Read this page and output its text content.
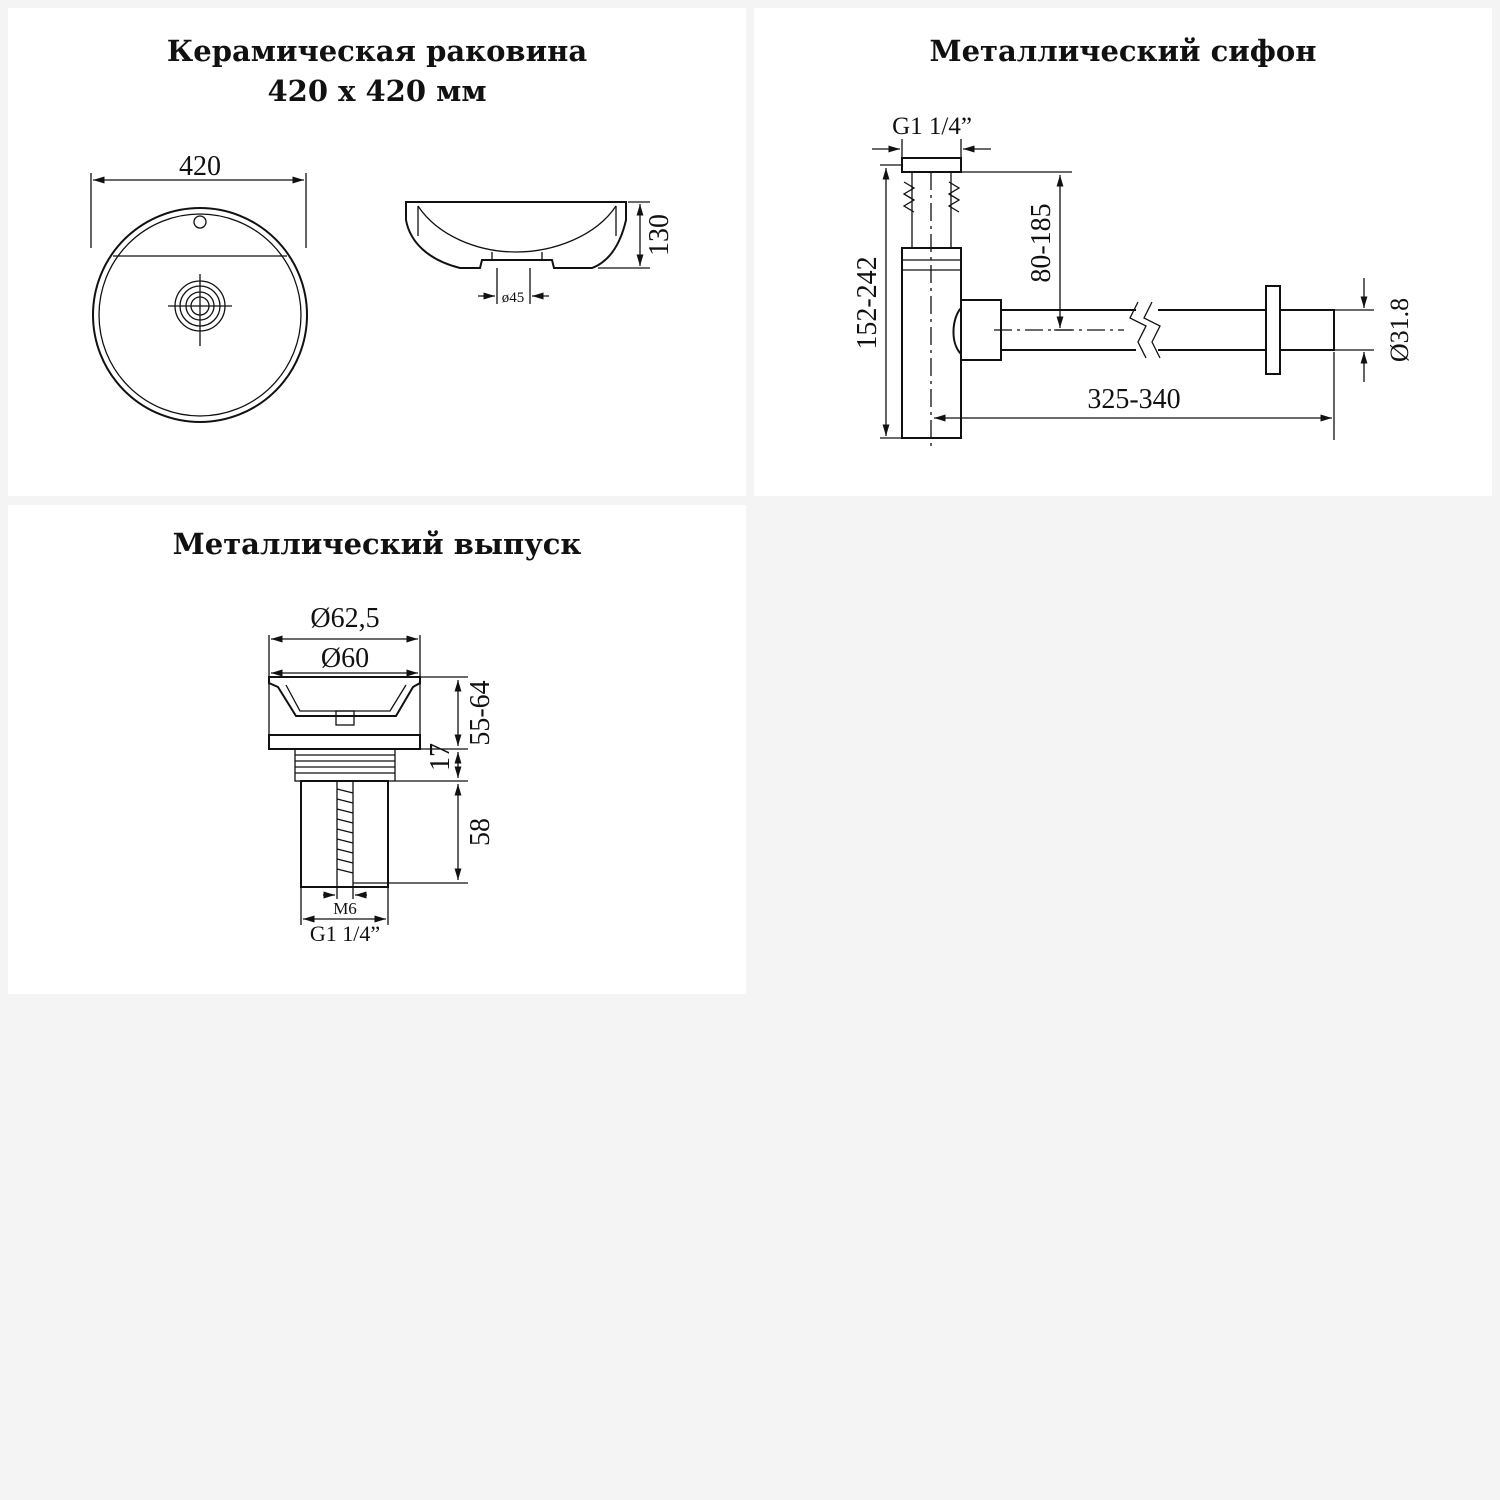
Керамическая раковина
420 x 420 мм
420
130
ø45
Металлический сифон
G1 1/4”
Ø31.8
152-242
80-185
325-340
Металлический выпуск
Ø62,5
Ø60
M6
G1 1/4”
55-64
17
58
